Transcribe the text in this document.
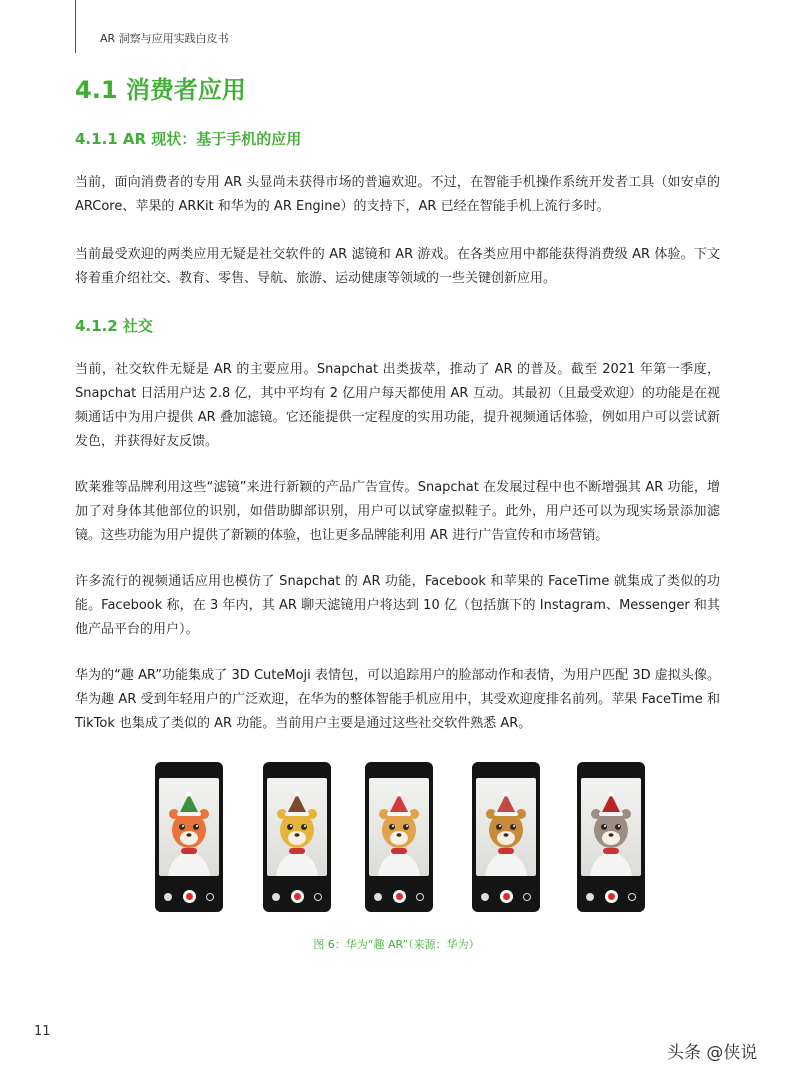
AR 洞察与应用实践白皮书
4.1 消费者应用
4.1.1 AR 现状：基于手机的应用

当前，面向消费者的专用 AR 头显尚未获得市场的普遍欢迎。不过，在智能手机操作系统开发者工具（如安卓的 ARCore、苹果的 ARKit 和华为的 AR Engine）的支持下，AR 已经在智能手机上流行多时。

当前最受欢迎的两类应用无疑是社交软件的 AR 滤镜和 AR 游戏。在各类应用中都能获得消费级 AR 体验。下文将着重介绍社交、教育、零售、导航、旅游、运动健康等领域的一些关键创新应用。

4.1.2 社交

当前，社交软件无疑是 AR 的主要应用。Snapchat 出类拔萃，推动了 AR 的普及。截至 2021 年第一季度，Snapchat 日活用户达 2.8 亿，其中平均有 2 亿用户每天都使用 AR 互动。其最初（且最受欢迎）的功能是在视频通话中为用户提供 AR 叠加滤镜。它还能提供一定程度的实用功能，提升视频通话体验，例如用户可以尝试新发色，并获得好友反馈。

欧莱雅等品牌利用这些“滤镜”来进行新颖的产品广告宣传。Snapchat 在发展过程中也不断增强其 AR 功能，增加了对身体其他部位的识别，如借助脚部识别，用户可以试穿虚拟鞋子。此外，用户还可以为现实场景添加滤镜。这些功能为用户提供了新颖的体验，也让更多品牌能利用 AR 进行广告宣传和市场营销。

许多流行的视频通话应用也模仿了 Snapchat 的 AR 功能，Facebook 和苹果的 FaceTime 就集成了类似的功能。Facebook 称，在 3 年内，其 AR 聊天滤镜用户将达到 10 亿（包括旗下的 Instagram、Messenger 和其他产品平台的用户）。

华为的“趣 AR”功能集成了 3D CuteMoji 表情包，可以追踪用户的脸部动作和表情，为用户匹配 3D 虚拟头像。华为趣 AR 受到年轻用户的广泛欢迎，在华为的整体智能手机应用中，其受欢迎度排名前列。苹果 FaceTime 和 TikTok 也集成了类似的 AR 功能。当前用户主要是通过这些社交软件熟悉 AR。

图 6：华为“趣 AR”（来源：华为）
11
头条 @侠说
